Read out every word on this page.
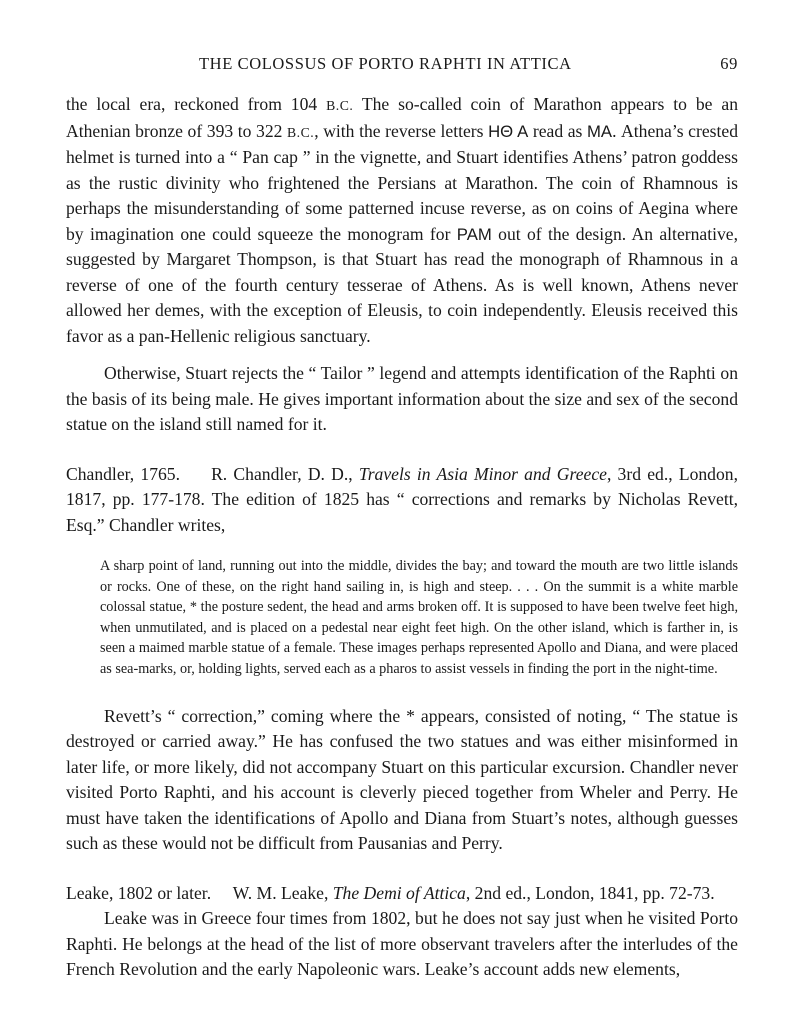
THE COLOSSUS OF PORTO RAPHTI IN ATTICA	69

the local era, reckoned from 104 B.C. The so-called coin of Marathon appears to be an Athenian bronze of 393 to 322 B.C., with the reverse letters ΗΘ Α read as ΜΑ. Athena’s crested helmet is turned into a “ Pan cap ” in the vignette, and Stuart identifies Athens’ patron goddess as the rustic divinity who frightened the Persians at Marathon. The coin of Rhamnous is perhaps the misunderstanding of some patterned incuse reverse, as on coins of Aegina where by imagination one could squeeze the monogram for ΡΑΜ out of the design. An alternative, suggested by Margaret Thompson, is that Stuart has read the monograph of Rhamnous in a reverse of one of the fourth century tesserae of Athens. As is well known, Athens never allowed her demes, with the exception of Eleusis, to coin independently. Eleusis received this favor as a pan-Hellenic religious sanctuary.

Otherwise, Stuart rejects the “ Tailor ” legend and attempts identification of the Raphti on the basis of its being male. He gives important information about the size and sex of the second statue on the island still named for it.

Chandler, 1765.     R. Chandler, D. D., Travels in Asia Minor and Greece, 3rd ed., London, 1817, pp. 177-178. The edition of 1825 has “ corrections and remarks by Nicholas Revett, Esq.” Chandler writes,

A sharp point of land, running out into the middle, divides the bay; and toward the mouth are two little islands or rocks. One of these, on the right hand sailing in, is high and steep. . . . On the summit is a white marble colossal statue, * the posture sedent, the head and arms broken off. It is supposed to have been twelve feet high, when unmutilated, and is placed on a pedestal near eight feet high. On the other island, which is farther in, is seen a maimed marble statue of a female. These images perhaps represented Apollo and Diana, and were placed as sea-marks, or, holding lights, served each as a pharos to assist vessels in finding the port in the night-time.

Revett’s “ correction,” coming where the * appears, consisted of noting, “ The statue is destroyed or carried away.” He has confused the two statues and was either misinformed in later life, or more likely, did not accompany Stuart on this particular excursion. Chandler never visited Porto Raphti, and his account is cleverly pieced together from Wheler and Perry. He must have taken the identifications of Apollo and Diana from Stuart’s notes, although guesses such as these would not be difficult from Pausanias and Perry.

Leake, 1802 or later.     W. M. Leake, The Demi of Attica, 2nd ed., London, 1841, pp. 72-73.

Leake was in Greece four times from 1802, but he does not say just when he visited Porto Raphti. He belongs at the head of the list of more observant travelers after the interludes of the French Revolution and the early Napoleonic wars. Leake’s account adds new elements,
